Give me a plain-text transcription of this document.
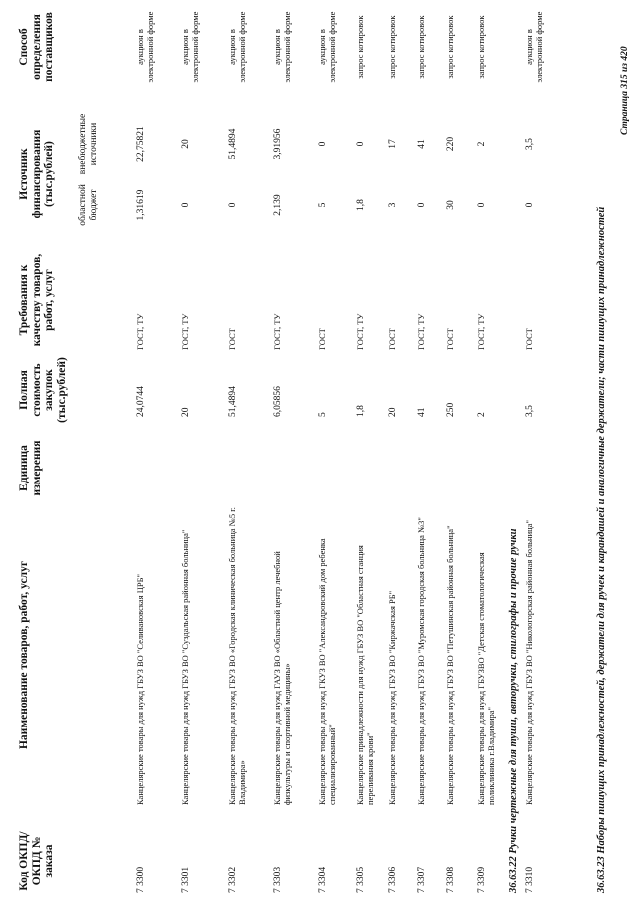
Код ОКПД/ ОКПД № заказа
Наименование товаров, работ, услуг
Единица измерения
Полная стоимость закупок (тыс.рублей)
Требования к качеству товаров, работ, услуг
Источник финансирования (тыс.рублей) областной бюджет
внебюджетные источники
Способ определения поставщиков
7 3300
Канцелярские товары для нужд ГБУЗ ВО "Селивановская ЦРБ"
24,0744
ГОСТ, ТУ
1,31619
22,75821
аукцион в электронной форме
7 3301
Канцелярские товары для нужд ГБУЗ ВО "Суздальская районная больница"
20
ГОСТ, ТУ
0
20
аукцион в электронной форме
7 3302
Канцелярские товары для нужд ГБУЗ ВО «Городская клиническая больница №5 г. Владимира»
51,4894
ГОСТ
0
51,4894
аукцион в электронной форме
7 3303
Канцелярские товары для нужд ГАУЗ ВО «Областной центр лечебной физкультуры и спортивной медицины»
6,05856
ГОСТ, ТУ
2,139
3,91956
аукцион в электронной форме
7 3304
Канцелярские товары для нужд ГКУЗ ВО "Александровский дом ребенка специализированный"
5
ГОСТ
5
0
аукцион в электронной форме
7 3305
Канцелярские принадлежности для нужд ГБУЗ ВО "Областная станция переливания крови"
1,8
ГОСТ, ТУ
1,8
0
запрос котировок
7 3306
Канцелярские товары для нужд ГБУЗ ВО "Киржачская РБ"
20
ГОСТ
3
17
запрос котировок
7 3307
Канцелярские товары для нужд ГБУЗ ВО "Муромская городская больница №3"
41
ГОСТ, ТУ
0
41
запрос котировок
7 3308
Канцелярские товары для нужд ГБУЗ ВО "Петушинская районная больница"
250
ГОСТ
30
220
запрос котировок
7 3309
Канцелярские товары для нужд ГБУЗВО "Детская стоматологическая поликлиника г.Владимира"
2
ГОСТ, ТУ
0
2
запрос котировок
7 3310
Канцелярские товары для нужд ГБУЗ ВО "Никологорская районная больница"
3,5
ГОСТ
0
3,5
аукцион в электронной форме
36.63.22 Ручки чертежные для туши, авторучки, стилографы и прочие ручки
36.63.23 Наборы пишущих принадлежностей, держатели для ручек и карандашей и аналогичные держатели; части пишущих принадлежностей
Страница 315 из 420
